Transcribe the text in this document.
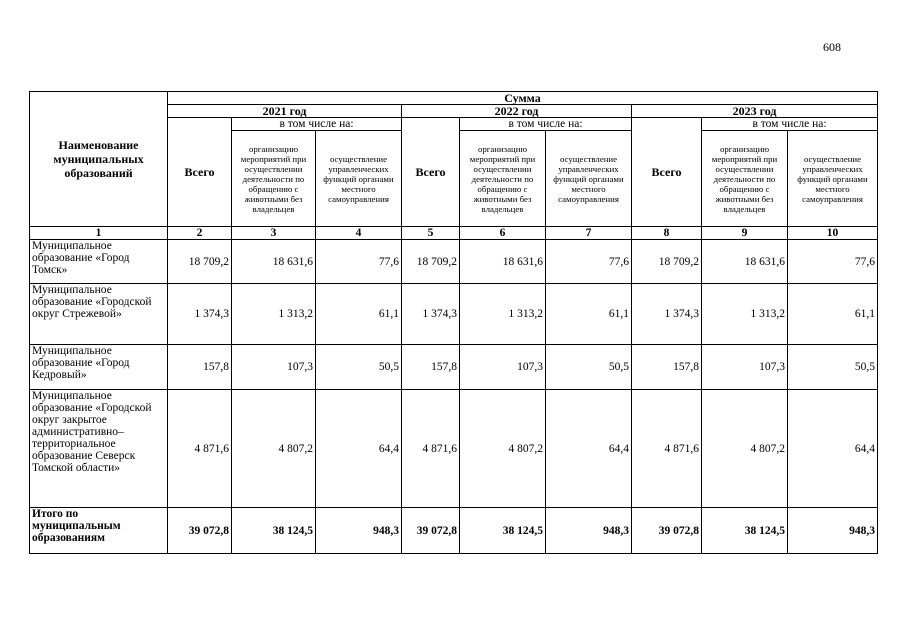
608
Наименование муниципальных образований	Сумма								
	2021 год			2022 год			2023 год		
	Всего	в том числе на:		Всего	в том числе на:		Всего	в том числе на:	
		организацию мероприятий при осуществлении деятельности по обращению с животными без владельцев	осуществление управленческих функций органами местного самоуправления		организацию мероприятий при осуществлении деятельности по обращению с животными без владельцев	осуществление управленческих функций органами местного самоуправления		организацию мероприятий при осуществлении деятельности по обращению с животными без владельцев	осуществление управленческих функций органами местного самоуправления
1	2	3	4	5	6	7	8	9	10
Муниципальное образование «Город Томск»	18 709,2	18 631,6	77,6	18 709,2	18 631,6	77,6	18 709,2	18 631,6	77,6
Муниципальное образование «Городской округ Стрежевой»	1 374,3	1 313,2	61,1	1 374,3	1 313,2	61,1	1 374,3	1 313,2	61,1
Муниципальное образование «Город Кедровый»	157,8	107,3	50,5	157,8	107,3	50,5	157,8	107,3	50,5
Муниципальное образование «Городской округ закрытое административно–территориальное образование Северск Томской области»	4 871,6	4 807,2	64,4	4 871,6	4 807,2	64,4	4 871,6	4 807,2	64,4
Итого по муниципальным образованиям	39 072,8	38 124,5	948,3	39 072,8	38 124,5	948,3	39 072,8	38 124,5	948,3
